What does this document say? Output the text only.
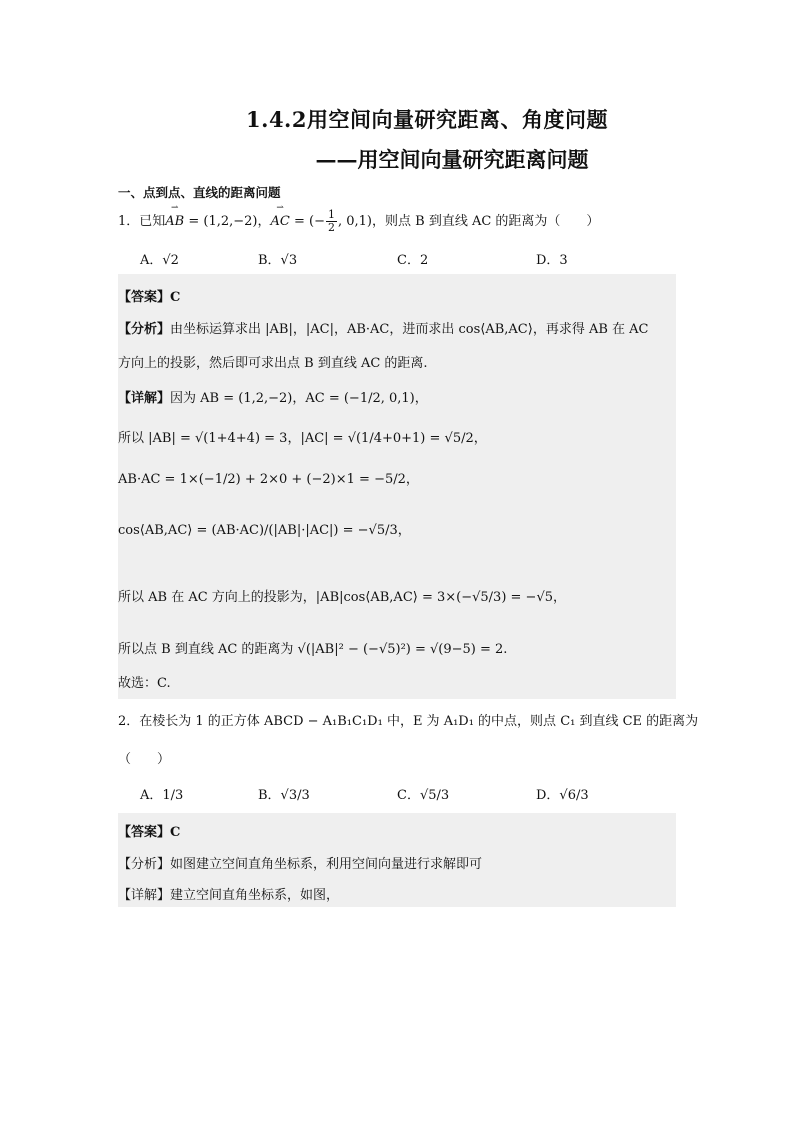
1.4.2用空间向量研究距离、角度问题
——用空间向量研究距离问题
一、点到点、直线的距离问题
1．已知⇀ AB = (1,2,−2)，⇀ AC = (− $\frac{1}{2}$ , 0,1)，则点 B 到直线 AC 的距离为（　　）
A．√2	B．√3	C．2	D．3
【答案】C
【分析】由坐标运算求出 |AB|，|AC|，AB·AC，进而求出 cos⟨AB,AC⟩，再求得 AB 在 AC
方向上的投影，然后即可求出点 B 到直线 AC 的距离.
【详解】因为 AB = (1,2,−2)，AC = (−1/2, 0,1)，
所以 |AB| = √(1+4+4) = 3，|AC| = √(1/4+0+1) = √5/2，
AB·AC = 1×(−1/2) + 2×0 + (−2)×1 = −5/2，
cos⟨AB,AC⟩ = (AB·AC)/(|AB|·|AC|) = −√5/3，
所以 AB 在 AC 方向上的投影为，|AB|cos⟨AB,AC⟩ = 3×(−√5/3) = −√5，
所以点 B 到直线 AC 的距离为 √(|AB|² − (−√5)²) = √(9−5) = 2.
故选：C.
2．在棱长为 1 的正方体 ABCD − A₁B₁C₁D₁ 中，E 为 A₁D₁ 的中点，则点 C₁ 到直线 CE 的距离为
（　　）
A．1/3	B．√3/3	C．√5/3	D．√6/3
【答案】C
【分析】如图建立空间直角坐标系，利用空间向量进行求解即可
【详解】建立空间直角坐标系，如图，
